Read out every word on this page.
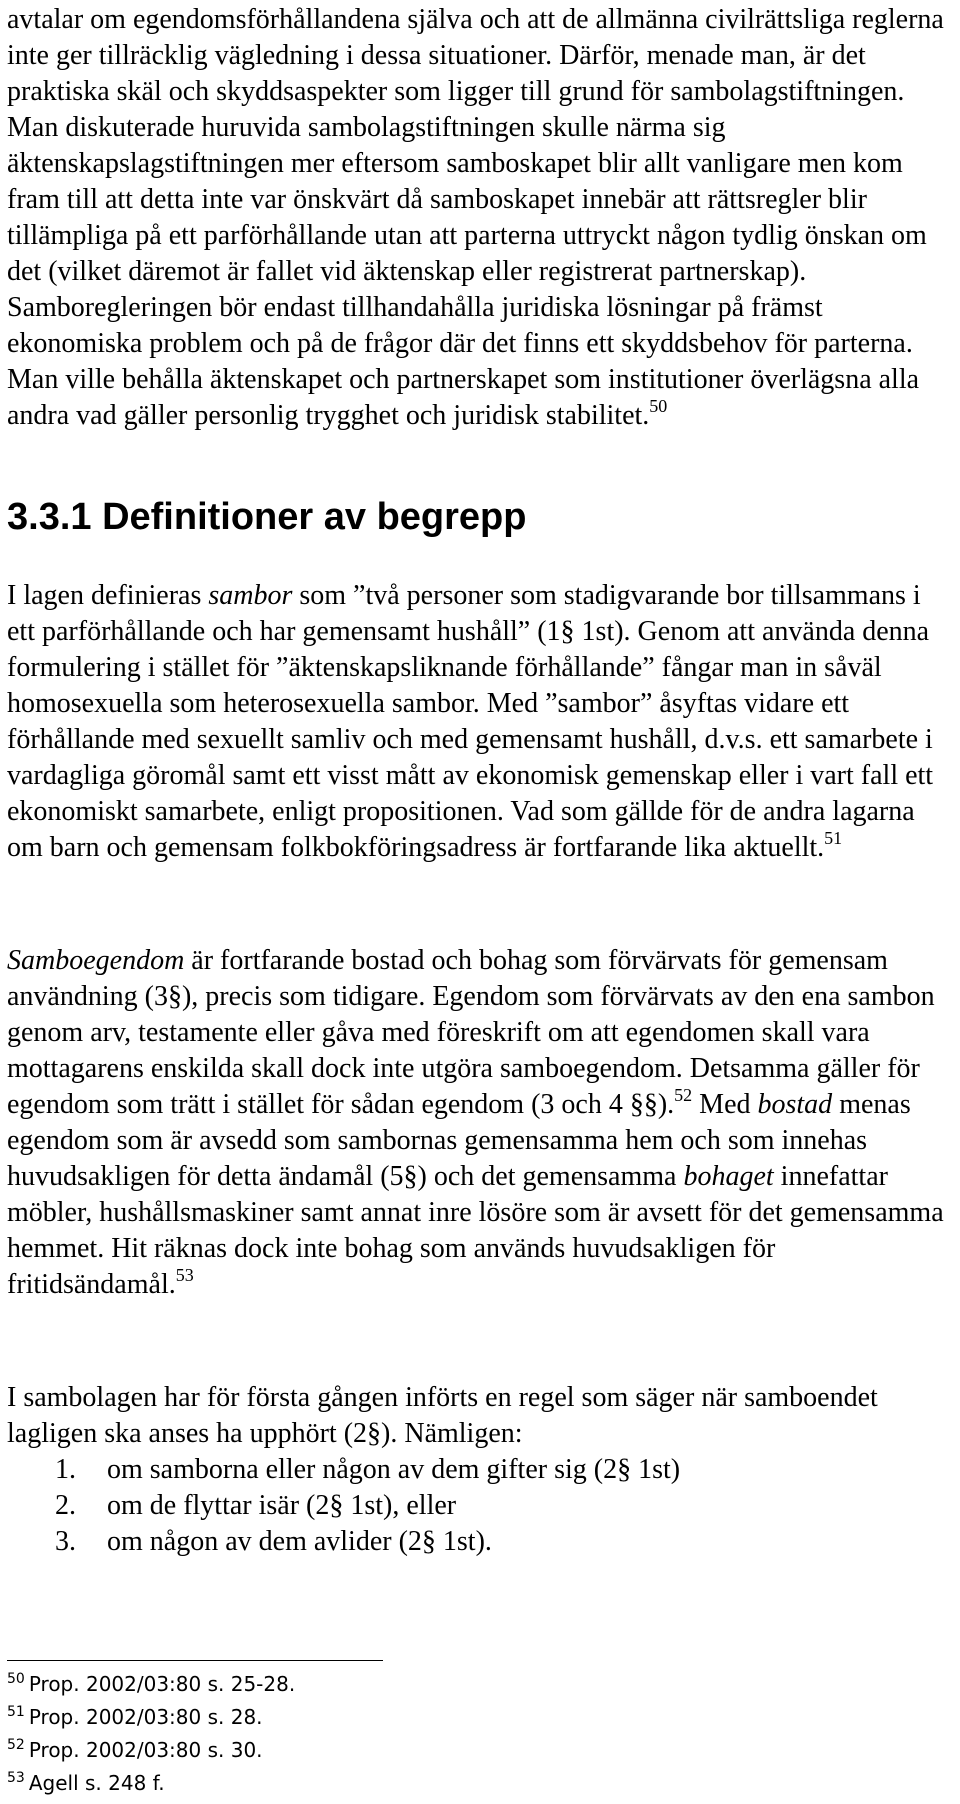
avtalar om egendomsförhållandena själva och att de allmänna civilrättsliga reglerna inte ger tillräcklig vägledning i dessa situationer. Därför, menade man, är det praktiska skäl och skyddsaspekter som ligger till grund för sambolagstiftningen. Man diskuterade huruvida sambolagstiftningen skulle närma sig äktenskapslagstiftningen mer eftersom samboskapet blir allt vanligare men kom fram till att detta inte var önskvärt då samboskapet innebär att rättsregler blir tillämpliga på ett parförhållande utan att parterna uttryckt någon tydlig önskan om det (vilket däremot är fallet vid äktenskap eller registrerat partnerskap). Samboregleringen bör endast tillhandahålla juridiska lösningar på främst ekonomiska problem och på de frågor där det finns ett skyddsbehov för parterna. Man ville behålla äktenskapet och partnerskapet som institutioner överlägsna alla andra vad gäller personlig trygghet och juridisk stabilitet.$^{50}$

3.3.1 Definitioner av begrepp

I lagen definieras sambor som ”två personer som stadigvarande bor tillsammans i ett parförhållande och har gemensamt hushåll” (1§ 1st). Genom att använda denna formulering i stället för ”äktenskapsliknande förhållande” fångar man in såväl homosexuella som heterosexuella sambor. Med ”sambor” åsyftas vidare ett förhållande med sexuellt samliv och med gemensamt hushåll, d.v.s. ett samarbete i vardagliga göromål samt ett visst mått av ekonomisk gemenskap eller i vart fall ett ekonomiskt samarbete, enligt propositionen. Vad som gällde för de andra lagarna om barn och gemensam folkbokföringsadress är fortfarande lika aktuellt.$^{51}$

Samboegendom är fortfarande bostad och bohag som förvärvats för gemensam användning (3§), precis som tidigare. Egendom som förvärvats av den ena sambon genom arv, testamente eller gåva med föreskrift om att egendomen skall vara mottagarens enskilda skall dock inte utgöra samboegendom. Detsamma gäller för egendom som trätt i stället för sådan egendom (3 och 4 §§).$^{52}$ Med bostad menas egendom som är avsedd som sambornas gemensamma hem och som innehas huvudsakligen för detta ändamål (5§) och det gemensamma bohaget innefattar möbler, hushållsmaskiner samt annat inre lösöre som är avsett för det gemensamma hemmet. Hit räknas dock inte bohag som används huvudsakligen för fritidsändamål.$^{53}$

I sambolagen har för första gången införts en regel som säger när samboendet lagligen ska anses ha upphört (2§). Nämligen:

1. om samborna eller någon av dem gifter sig (2§ 1st)
2. om de flyttar isär (2§ 1st), eller
3. om någon av dem avlider (2§ 1st).
$^{50}$ Prop. 2002/03:80 s. 25-28.
$^{51}$ Prop. 2002/03:80 s. 28.
$^{52}$ Prop. 2002/03:80 s. 30.
$^{53}$ Agell s. 248 f.
